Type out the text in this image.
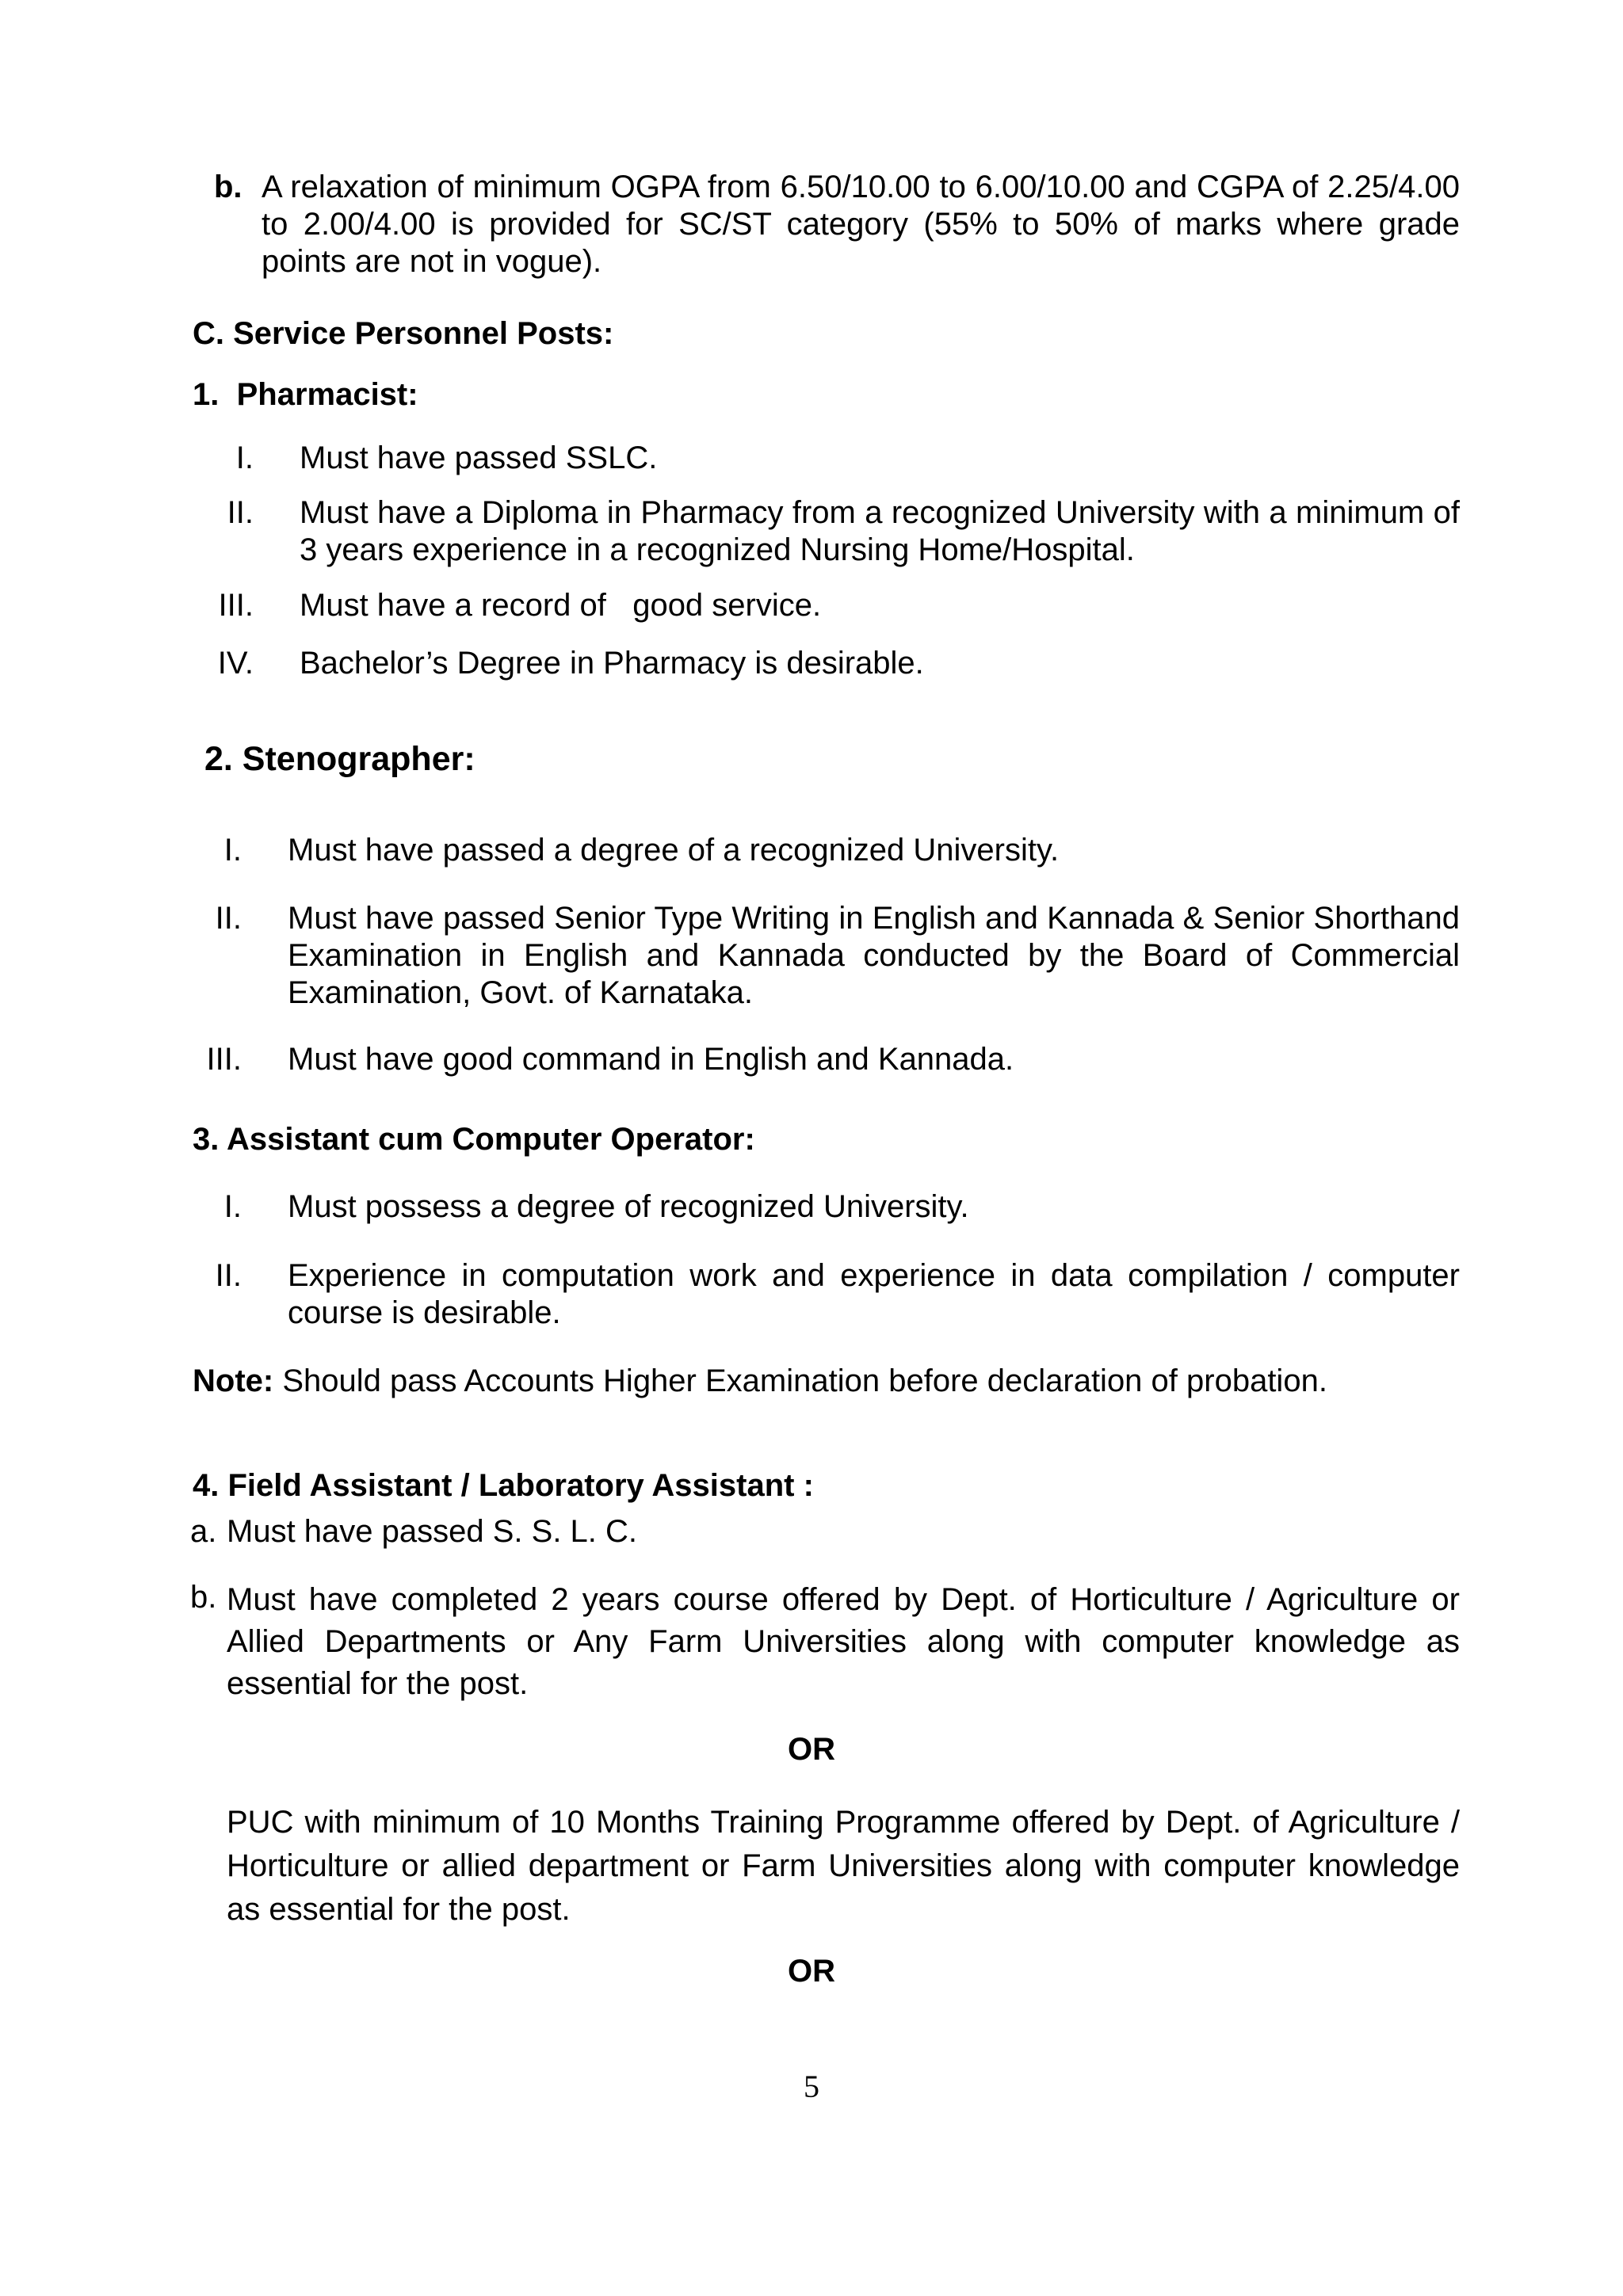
b. A relaxation of minimum OGPA from 6.50/10.00 to 6.00/10.00 and CGPA of 2.25/4.00 to 2.00/4.00 is provided for SC/ST category (55% to 50% of marks where grade points are not in vogue).
C. Service Personnel Posts:
1.  Pharmacist:
I. Must have passed SSLC.
II. Must have a Diploma in Pharmacy from a recognized University with a minimum of 3 years experience in a recognized Nursing Home/Hospital.
III. Must have a record of   good service.
IV. Bachelor’s Degree in Pharmacy is desirable.
2. Stenographer:
I. Must have passed a degree of a recognized University.
II. Must have passed Senior Type Writing in English and Kannada & Senior Shorthand Examination in English and Kannada conducted by the Board of Commercial Examination, Govt. of Karnataka.
III. Must have good command in English and Kannada.
3. Assistant cum Computer Operator:
I. Must possess a degree of recognized University.
II. Experience in computation work and experience in data compilation / computer course is desirable.
Note: Should pass Accounts Higher Examination before declaration of probation.
4. Field Assistant / Laboratory Assistant :
a. Must have passed S. S. L. C.
b. Must have completed 2 years course offered by Dept. of Horticulture / Agriculture or Allied Departments or Any Farm Universities along with computer knowledge as essential for the post.
OR
PUC with minimum of 10 Months Training Programme offered by Dept. of Agriculture / Horticulture or allied department or Farm Universities along with computer knowledge as essential for the post.
OR
5
